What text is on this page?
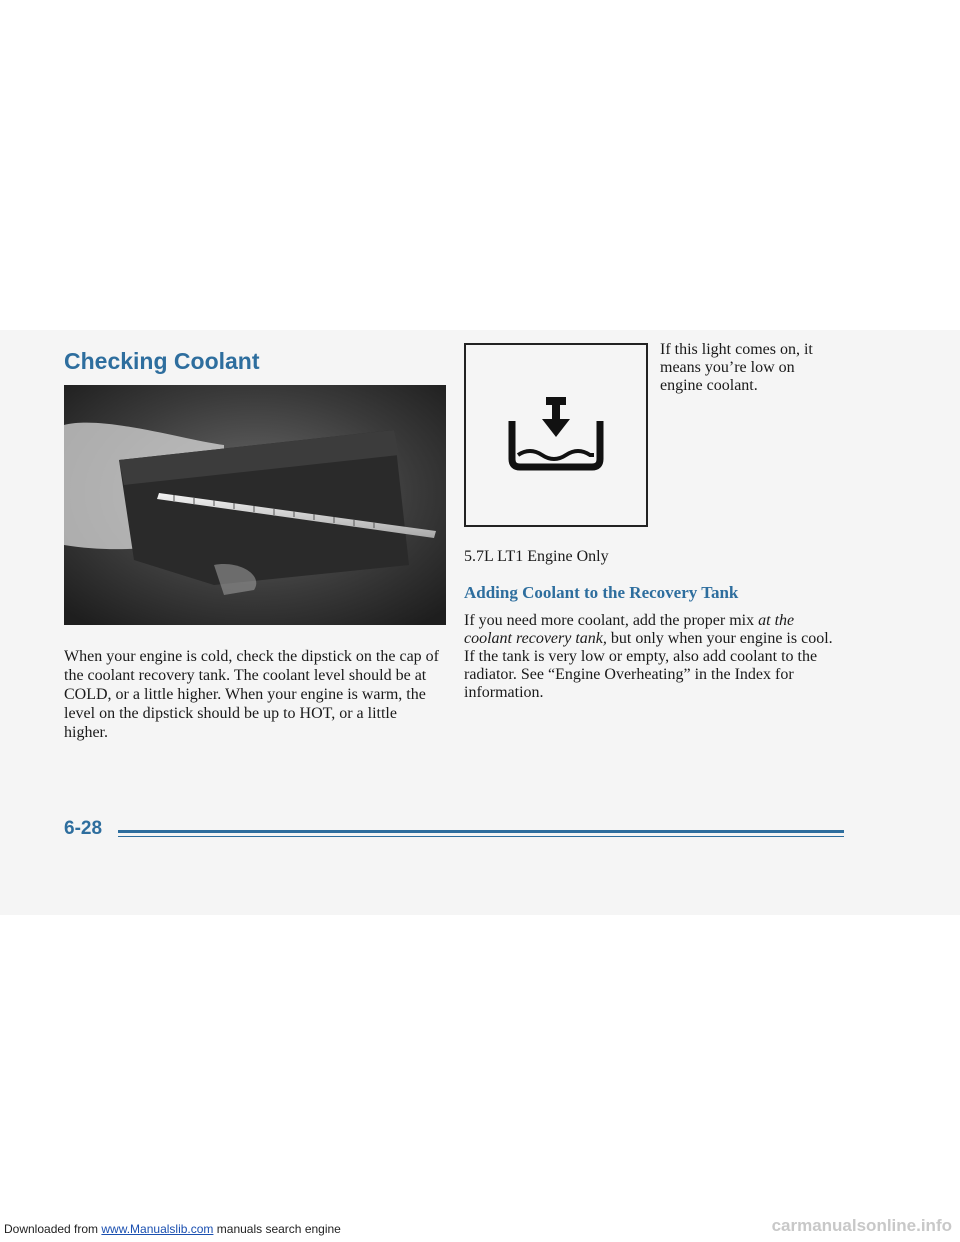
Checking Coolant

When your engine is cold, check the dipstick on the cap of the coolant recovery tank. The coolant level should be at COLD, or a little higher. When your engine is warm, the level on the dipstick should be up to HOT, or a little higher.

If this light comes on, it means you’re low on engine coolant.

5.7L LT1 Engine Only

Adding Coolant to the Recovery Tank

If you need more coolant, add the proper mix at the coolant recovery tank, but only when your engine is cool. If the tank is very low or empty, also add coolant to the radiator. See “Engine Overheating” in the Index for information.

6-28

Downloaded from www.Manualslib.com manuals search engine	carmanualsonline.info
